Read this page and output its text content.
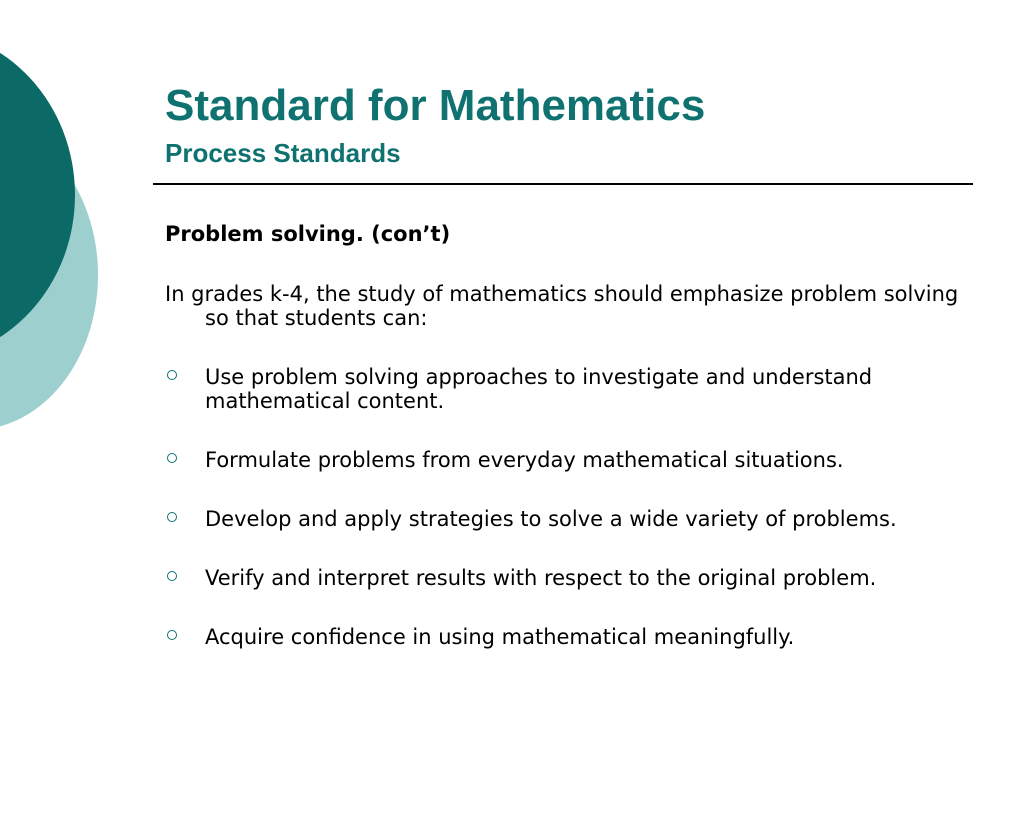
Standard for Mathematics
Process Standards

Problem solving. (con’t)

In grades k-4, the study of mathematics should emphasize problem solving so that students can:

Use problem solving approaches to investigate and understand mathematical content.
Formulate problems from everyday mathematical situations.
Develop and apply strategies to solve a wide variety of problems.
Verify and interpret results with respect to the original problem.
Acquire confidence in using mathematical meaningfully.
